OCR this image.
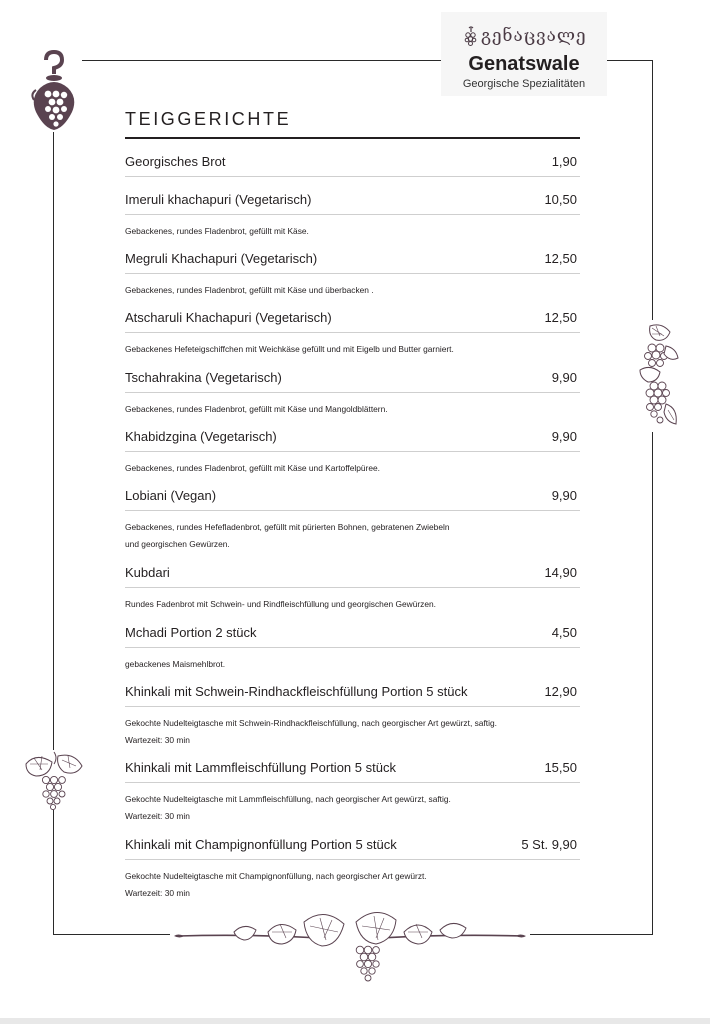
გენაცვალე
Genatswale
Georgische Spezialitäten
TEIGGERICHTE
Georgisches Brot	1,90
Imeruli khachapuri (Vegetarisch)	10,50
Gebackenes, rundes Fladenbrot, gefüllt mit Käse.
Megruli Khachapuri (Vegetarisch)	12,50
Gebackenes, rundes Fladenbrot, gefüllt mit Käse und überbacken .
Atscharuli Khachapuri (Vegetarisch)	12,50
Gebackenes Hefeteigschiffchen mit Weichkäse gefüllt und mit Eigelb und Butter garniert.
Tschahrakina (Vegetarisch)	9,90
Gebackenes, rundes Fladenbrot, gefüllt mit Käse und Mangoldblättern.
Khabidzgina (Vegetarisch)	9,90
Gebackenes, rundes Fladenbrot, gefüllt mit Käse und Kartoffelpüree.
Lobiani (Vegan)	9,90
Gebackenes, rundes Hefefladenbrot, gefüllt mit pürierten Bohnen, gebratenen Zwiebeln
und georgischen Gewürzen.
Kubdari	14,90
Rundes Fadenbrot mit Schwein- und Rindfleischfüllung und georgischen Gewürzen.
Mchadi Portion 2 stück	4,50
gebackenes Maismehlbrot.
Khinkali mit Schwein-Rindhackfleischfüllung Portion 5 stück	12,90
Gekochte Nudelteigtasche mit Schwein-Rindhackfleischfüllung, nach georgischer Art gewürzt, saftig.
Wartezeit: 30 min
Khinkali mit Lammfleischfüllung Portion 5 stück	15,50
Gekochte Nudelteigtasche mit Lammfleischfüllung, nach georgischer Art gewürzt, saftig.
Wartezeit: 30 min
Khinkali mit Champignonfüllung Portion 5 stück	5 St. 9,90
Gekochte Nudelteigtasche mit Champignonfüllung, nach georgischer Art gewürzt.
Wartezeit: 30 min
